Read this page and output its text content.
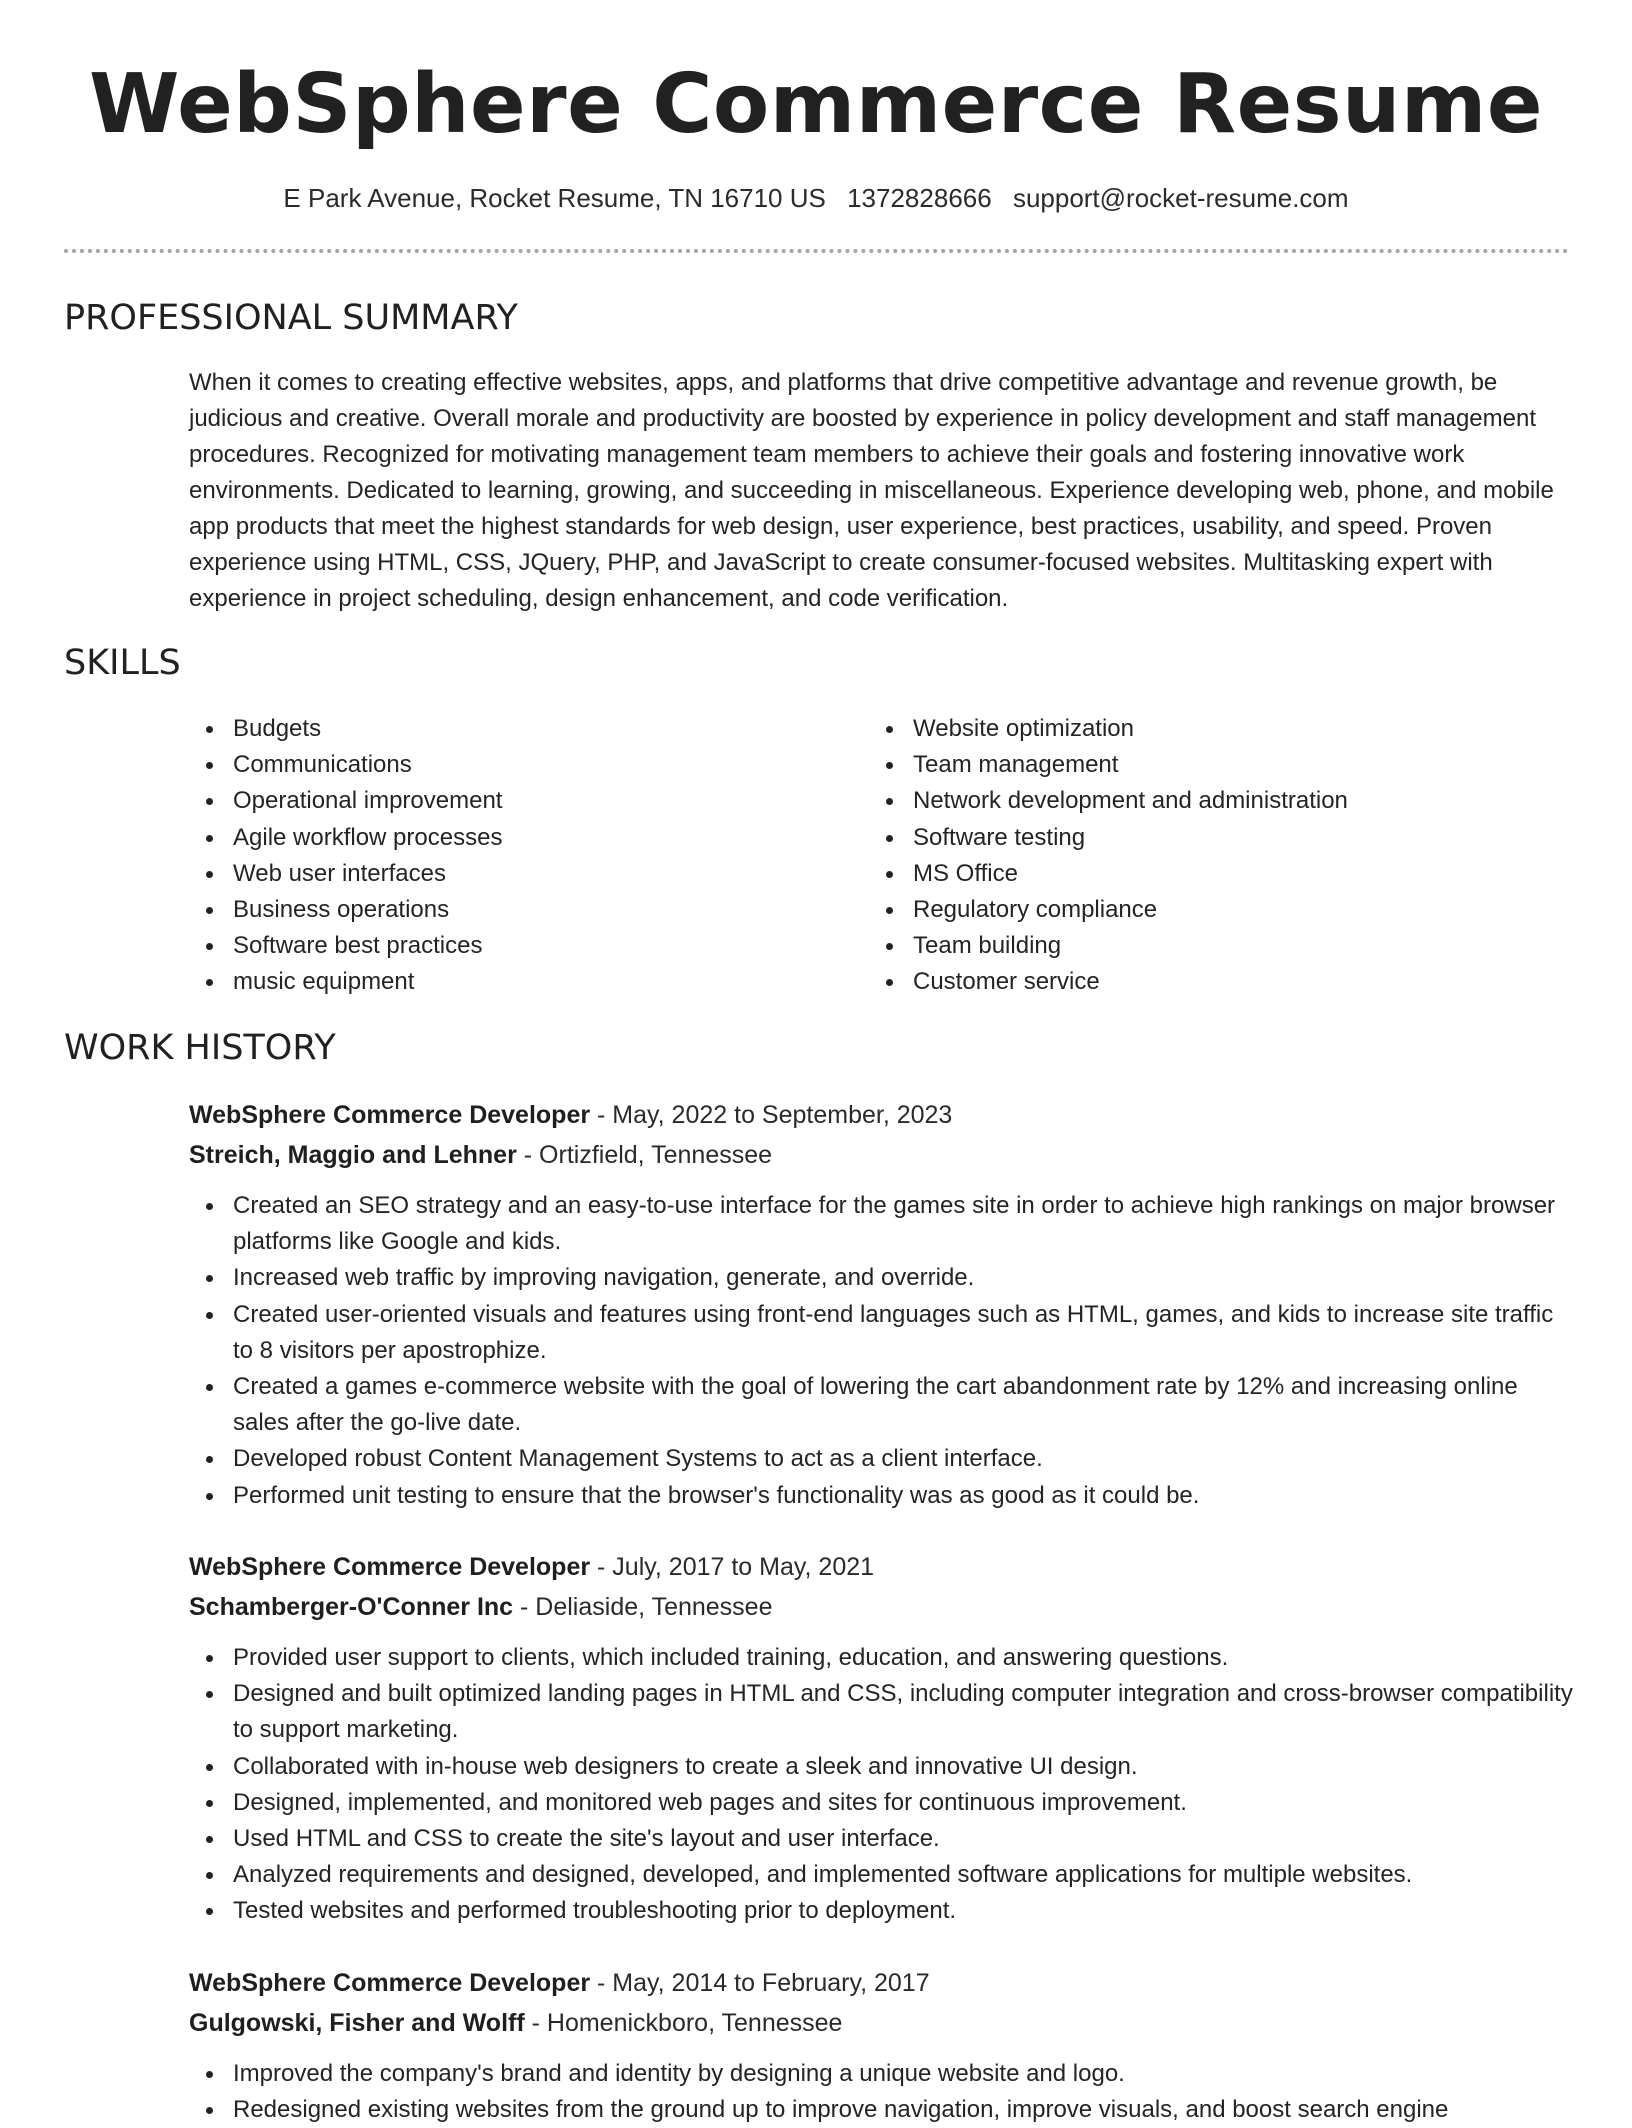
WebSphere Commerce Resume
E Park Avenue, Rocket Resume, TN 16710 US 1372828666 support@rocket-resume.com
PROFESSIONAL SUMMARY

When it comes to creating effective websites, apps, and platforms that drive competitive advantage and revenue growth, be judicious and creative. Overall morale and productivity are boosted by experience in policy development and staff management procedures. Recognized for motivating management team members to achieve their goals and fostering innovative work environments. Dedicated to learning, growing, and succeeding in miscellaneous. Experience developing web, phone, and mobile app products that meet the highest standards for web design, user experience, best practices, usability, and speed. Proven experience using HTML, CSS, JQuery, PHP, and JavaScript to create consumer-focused websites. Multitasking expert with experience in project scheduling, design enhancement, and code verification.

SKILLS
Budgets
Communications
Operational improvement
Agile workflow processes
Web user interfaces
Business operations
Software best practices
music equipment
Website optimization
Team management
Network development and administration
Software testing
MS Office
Regulatory compliance
Team building
Customer service
WORK HISTORY

WebSphere Commerce Developer - May, 2022 to September, 2023

Streich, Maggio and Lehner - Ortizfield, Tennessee

Created an SEO strategy and an easy-to-use interface for the games site in order to achieve high rankings on major browser platforms like Google and kids.
Increased web traffic by improving navigation, generate, and override.
Created user-oriented visuals and features using front-end languages such as HTML, games, and kids to increase site traffic to 8 visitors per apostrophize.
Created a games e-commerce website with the goal of lowering the cart abandonment rate by 12% and increasing online sales after the go-live date.
Developed robust Content Management Systems to act as a client interface.
Performed unit testing to ensure that the browser's functionality was as good as it could be.

WebSphere Commerce Developer - July, 2017 to May, 2021

Schamberger-O'Conner Inc - Deliaside, Tennessee

Provided user support to clients, which included training, education, and answering questions.
Designed and built optimized landing pages in HTML and CSS, including computer integration and cross-browser compatibility to support marketing.
Collaborated with in-house web designers to create a sleek and innovative UI design.
Designed, implemented, and monitored web pages and sites for continuous improvement.
Used HTML and CSS to create the site's layout and user interface.
Analyzed requirements and designed, developed, and implemented software applications for multiple websites.
Tested websites and performed troubleshooting prior to deployment.

WebSphere Commerce Developer - May, 2014 to February, 2017

Gulgowski, Fisher and Wolff - Homenickboro, Tennessee

Improved the company's brand and identity by designing a unique website and logo.
Redesigned existing websites from the ground up to improve navigation, improve visuals, and boost search engine
